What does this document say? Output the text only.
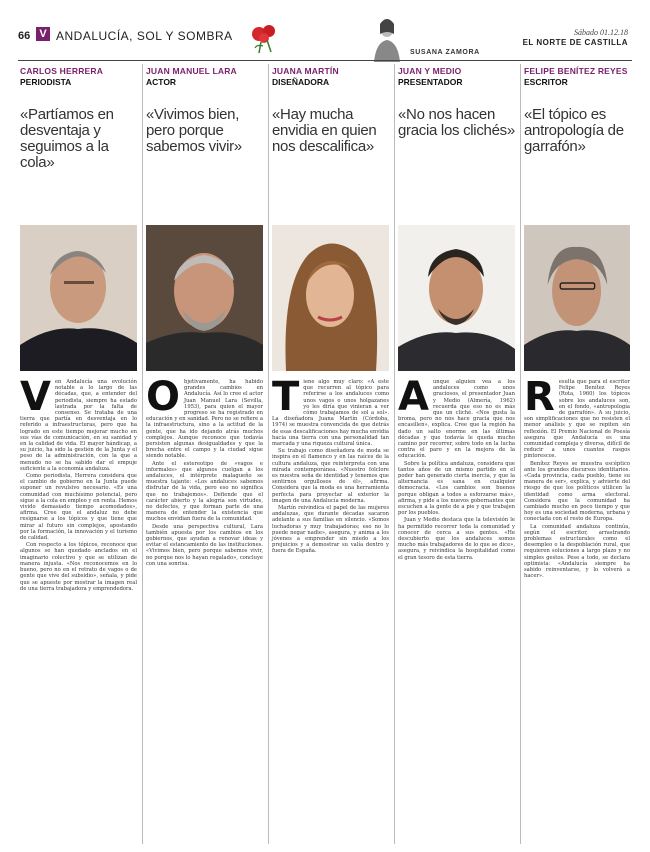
66 V ANDALUCÍA, SOL Y SOMBRA
SUSANA ZAMORA
Sábado 01.12.18
EL NORTE DE CASTILLA
CARLOS HERRERA
PERIODISTA
«Partíamos en desventaja y seguimos a la cola»
V en Andalucía una evolución notable a lo largo de las décadas, que, a entender del periodista, siempre ha estado lastrada por la falta de consenso. Se trataba de una tierra que partía en desventaja en lo referido a infraestructuras, pero que ha logrado en este tiempo mejorar mucho en sus vías de comunicación, en su sanidad y en la calidad de vida. El mayor hándicap, a su juicio, ha sido la gestión de la Junta y el peso de la administración, con la que a menudo no se ha sabido dar el empuje suficiente a la economía andaluza.

Como periodista, Herrera considera que el cambio de gobierno en la Junta puede suponer un revulsivo necesario. «Es una comunidad con muchísimo potencial, pero sigue a la cola en empleo y en renta. Hemos vivido demasiado tiempo acomodados», afirma. Cree que el andaluz no debe resignarse a los tópicos y que tiene que mirar al futuro sin complejos, apostando por la formación, la innovación y el turismo de calidad.

Con respecto a los tópicos, reconoce que algunos se han quedado anclados en el imaginario colectivo y que se utilizan de manera injusta. «Nos reconocemos en lo bueno, pero no en el retrato de vagos o de gente que vive del subsidio», señala, y pide que se apueste por mostrar la imagen real de una tierra trabajadora y emprendedora.

JUAN MANUEL LARA
ACTOR
«Vivimos bien, pero porque sabemos vivir»
O bjetivamente, ha habido grandes cambios en Andalucía. Así lo cree el actor Juan Manuel Lara (Sevilla, 1953), para quien el mayor progreso se ha registrado en educación y en sanidad. Pero no se refiere a la infraestructura, sino a la actitud de la gente, que ha ido dejando atrás muchos complejos. Aunque reconoce que todavía persisten algunas desigualdades y que la brecha entre el campo y la ciudad sigue siendo notable.

Ante el estereotipo de «vagos e informales» que algunos cuelgan a los andaluces, el intérprete malagueño se muestra tajante: «Los andaluces sabemos disfrutar de la vida, pero eso no significa que no trabajemos». Defiende que el carácter abierto y la alegría son virtudes, no defectos, y que forman parte de una manera de entender la existencia que muchos envidian fuera de la comunidad.

Desde una perspectiva cultural, Lara también apuesta por los cambios en los gobiernos, que ayudan a renovar ideas y evitar el estancamiento de las instituciones. «Vivimos bien, pero porque sabemos vivir, no porque nos lo hayan regalado», concluye con una sonrisa.

JUANA MARTÍN
DISEÑADORA
«Hay mucha envidia en quien nos descalifica»
T iene algo muy claro: «A este que recurren al tópico para referirse a los andaluces como unos vagos o unos holgazanes yo les diría que vinieran a ver cómo trabajamos de sol a sol». La diseñadora Juana Martín (Córdoba, 1974) se muestra convencida de que detrás de esas descalificaciones hay mucha envidia hacia una tierra con una personalidad tan marcada y una riqueza cultural única.

Su trabajo como diseñadora de moda se inspira en el flamenco y en las raíces de la cultura andaluza, que reinterpreta con una mirada contemporánea. «Nuestro folclore es nuestra seña de identidad y tenemos que sentirnos orgullosos de él», afirma. Considera que la moda es una herramienta perfecta para proyectar al exterior la imagen de una Andalucía moderna.

Martín reivindica el papel de las mujeres andaluzas, que durante décadas sacaron adelante a sus familias en silencio. «Somos luchadoras y muy trabajadoras; eso no lo puede negar nadie», asegura, y anima a los jóvenes a emprender sin miedo a los prejuicios y a demostrar su valía dentro y fuera de España.

JUAN Y MEDIO
PRESENTADOR
«No nos hacen gracia los clichés»
A unque alguien vea a los andaluces como unos graciosos, el presentador Juan y Medio (Almería, 1962) recuerda que eso no es más que un cliché. «Nos gusta la broma, pero no nos hace gracia que nos encasillen», explica. Cree que la región ha dado un salto enorme en las últimas décadas y que todavía le queda mucho camino por recorrer, sobre todo en la lucha contra el paro y en la mejora de la educación.

Sobre la política andaluza, considera que tantos años de un mismo partido en el poder han generado cierta inercia, y que la alternancia es sana en cualquier democracia. «Los cambios son buenos porque obligan a todos a esforzarse más», afirma, y pide a los nuevos gobernantes que escuchen a la gente de a pie y que trabajen por los pueblos.

Juan y Medio destaca que la televisión le ha permitido recorrer toda la comunidad y conocer de cerca a sus gentes. «He descubierto que los andaluces somos mucho más trabajadores de lo que se dice», asegura, y reivindica la hospitalidad como el gran tesoro de esta tierra.

FELIPE BENÍTEZ REYES
ESCRITOR
«El tópico es antropología de garrafón»
R esulta que para el escritor Felipe Benítez Reyes (Rota, 1960) los tópicos sobre los andaluces son, en el fondo, «antropología de garrafón». A su juicio, son simplificaciones que no resisten el menor análisis y que se repiten sin reflexión. El Premio Nacional de Poesía asegura que Andalucía es una comunidad compleja y diversa, difícil de reducir a unos cuantos rasgos pintorescos.

Benítez Reyes se muestra escéptico ante los grandes discursos identitarios. «Cada provincia, cada pueblo, tiene su manera de ser», explica, y advierte del riesgo de que los políticos utilicen la identidad como arma electoral. Considera que la comunidad ha cambiado mucho en poco tiempo y que hoy es una sociedad moderna, urbana y conectada con el resto de Europa.

La comunidad andaluza continúa, según el escritor, arrastrando problemas estructurales como el desempleo o la despoblación rural, que requieren soluciones a largo plazo y no simples gestos. Pese a todo, se declara optimista: «Andalucía siempre ha sabido reinventarse, y lo volverá a hacer».
